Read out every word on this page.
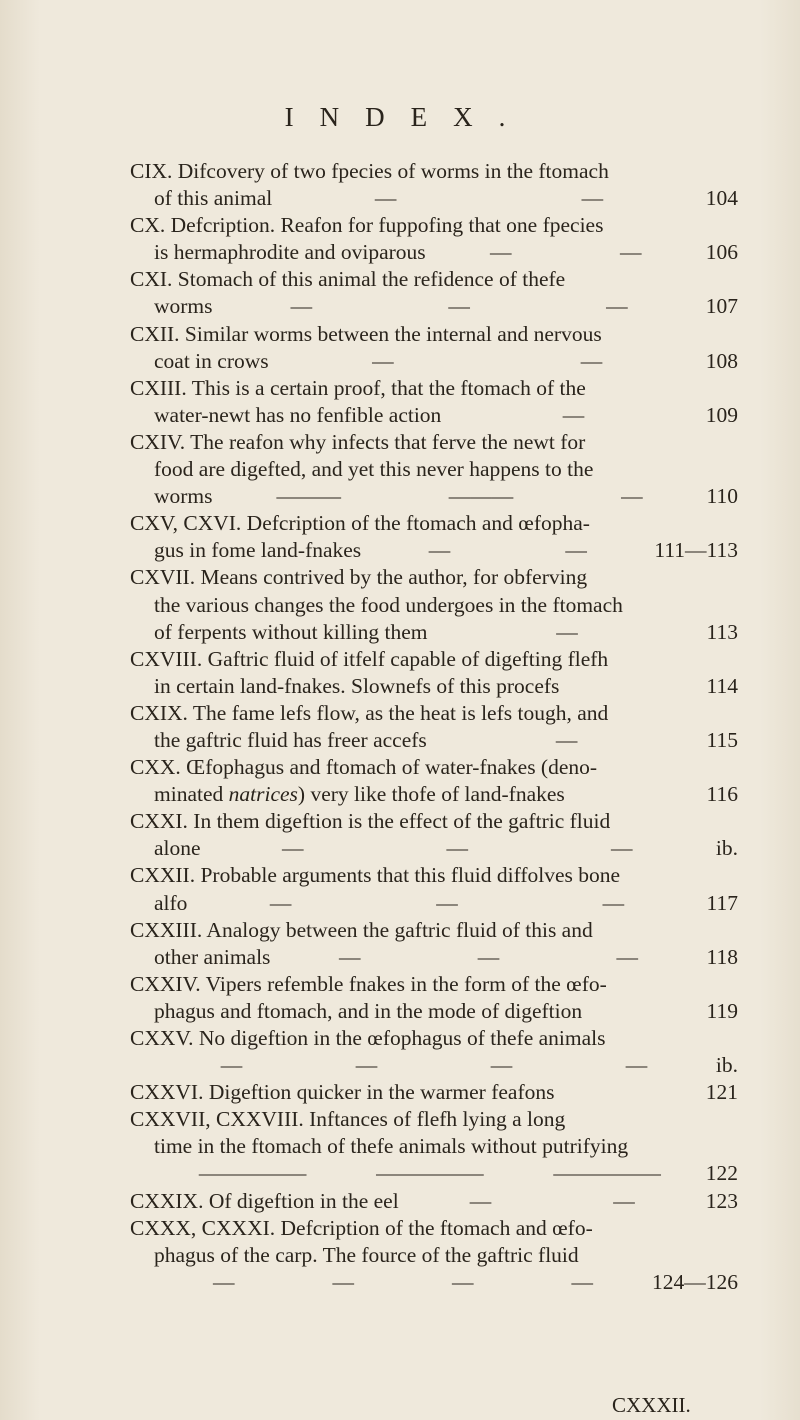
INDEX.
CIX. Difcovery of two fpecies of worms in the ftomach
of this animal	—	—	104
CX. Defcription. Reafon for fuppofing that one fpecies
is hermaphrodite and oviparous	—	—	106
CXI. Stomach of this animal the refidence of thefe
worms	—	—	—	107
CXII. Similar worms between the internal and nervous
coat in crows	—	—	108
CXIII. This is a certain proof, that the ftomach of the
water-newt has no fenfible action	—	109
CXIV. The reafon why infects that ferve the newt for
food are digefted, and yet this never happens to the
worms	———	———	—	110
CXV, CXVI. Defcription of the ftomach and œfopha-
gus in fome land-fnakes	—	—	111—113
CXVII. Means contrived by the author, for obferving
the various changes the food undergoes in the ftomach
of ferpents without killing them	—	113
CXVIII. Gaftric fluid of itfelf capable of digefting flefh
in certain land-fnakes. Slownefs of this procefs	114
CXIX. The fame lefs flow, as the heat is lefs tough, and
the gaftric fluid has freer accefs	—	115
CXX. Œfophagus and ftomach of water-fnakes (deno-
minated natrices) very like thofe of land-fnakes	116
CXXI. In them digeftion is the effect of the gaftric fluid
alone	—	—	—	ib.
CXXII. Probable arguments that this fluid diffolves bone
alfo	—	—	—	117
CXXIII. Analogy between the gaftric fluid of this and
other animals	—	—	—	118
CXXIV. Vipers refemble fnakes in the form of the œfo-
phagus and ftomach, and in the mode of digeftion	119
CXXV. No digeftion in the œfophagus of thefe animals
—	—	—	—	ib.
CXXVI. Digeftion quicker in the warmer feafons	121
CXXVII, CXXVIII. Inftances of flefh lying a long
time in the ftomach of thefe animals without putrifying
—————	—————	————— 122
CXXIX. Of digeftion in the eel	—	—	123
CXXX, CXXXI. Defcription of the ftomach and œfo-
phagus of the carp. The fource of the gaftric fluid
—	—	—	—	124—126
CXXXII.
